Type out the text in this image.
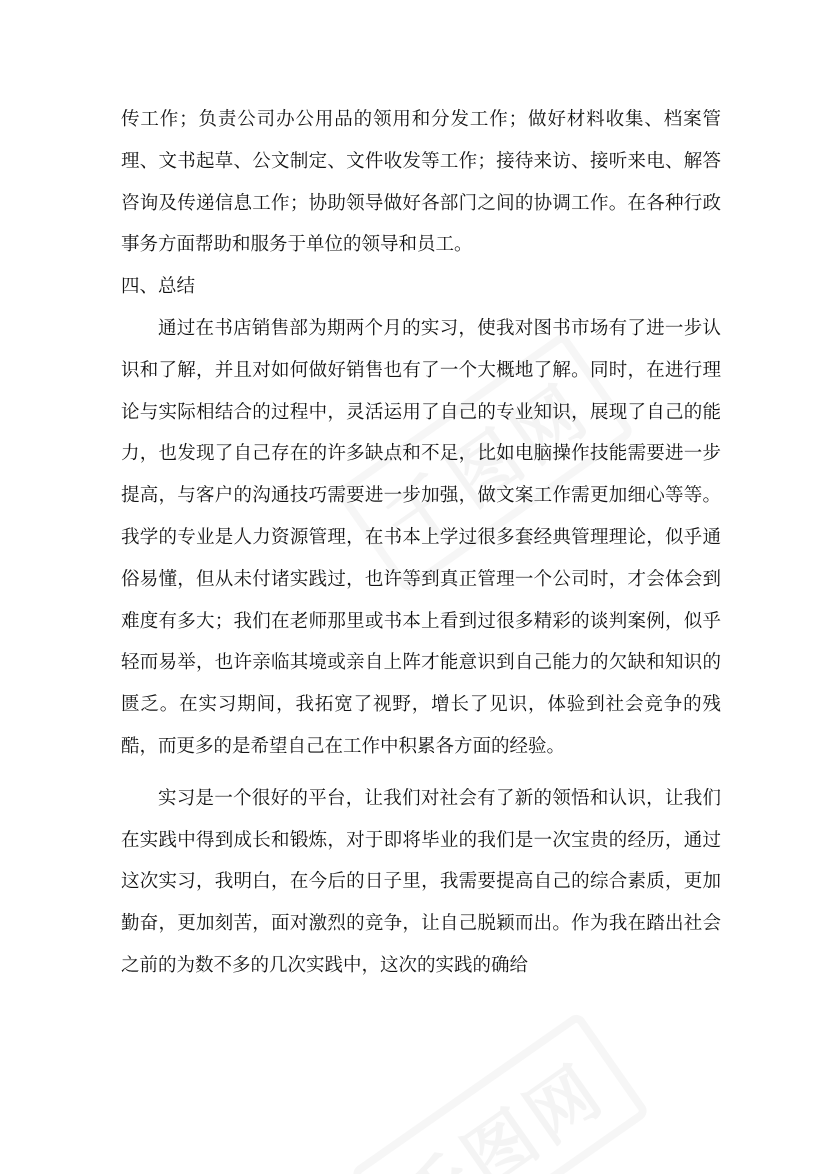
传工作；负责公司办公用品的领用和分发工作；做好材料收集、档案管理、文书起草、公文制定、文件收发等工作；接待来访、接听来电、解答咨询及传递信息工作；协助领导做好各部门之间的协调工作。在各种行政事务方面帮助和服务于单位的领导和员工。

四、总结

通过在书店销售部为期两个月的实习，使我对图书市场有了进一步认识和了解，并且对如何做好销售也有了一个大概地了解。同时，在进行理论与实际相结合的过程中，灵活运用了自己的专业知识，展现了自己的能力，也发现了自己存在的许多缺点和不足，比如电脑操作技能需要进一步提高，与客户的沟通技巧需要进一步加强，做文案工作需更加细心等等。我学的专业是人力资源管理，在书本上学过很多套经典管理理论，似乎通俗易懂，但从未付诸实践过，也许等到真正管理一个公司时，才会体会到难度有多大；我们在老师那里或书本上看到过很多精彩的谈判案例，似乎轻而易举，也许亲临其境或亲自上阵才能意识到自己能力的欠缺和知识的匮乏。在实习期间，我拓宽了视野，增长了见识，体验到社会竞争的残酷，而更多的是希望自己在工作中积累各方面的经验。

实习是一个很好的平台，让我们对社会有了新的领悟和认识，让我们在实践中得到成长和锻炼，对于即将毕业的我们是一次宝贵的经历，通过这次实习，我明白，在今后的日子里，我需要提高自己的综合素质，更加勤奋，更加刻苦，面对激烈的竞争，让自己脱颖而出。作为我在踏出社会之前的为数不多的几次实践中，这次的实践的确给
